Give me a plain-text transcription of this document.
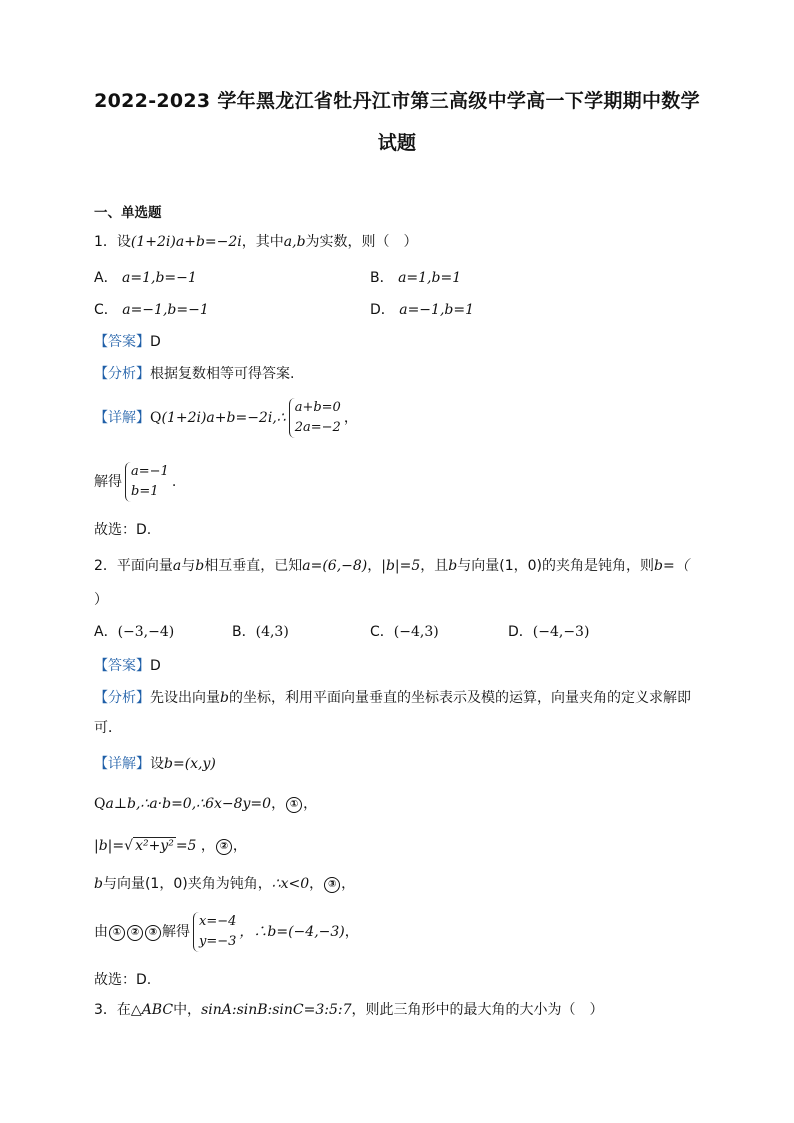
2022-2023 学年黑龙江省牡丹江市第三高级中学高一下学期期中数学
试题
一、单选题
1．设(1+2i)a+b=−2i，其中a,b为实数，则（　）
A． a=1,b=−1	B． a=1,b=1
C． a=−1,b=−1	D． a=−1,b=1
【答案】D
【分析】根据复数相等可得答案.
【详解】Q(1+2i)a+b=−2i,∴
a+b=0
2a=−2
，
解得
a=−1
b=1
.
故选：D.
2．平面向量a与b相互垂直，已知a=(6,−8)，|b|=5，且b与向量(1，0)的夹角是钝角，则b=（
）
A．(−3,−4)	B．(4,3)	C．(−4,3)	D．(−4,−3)
【答案】D
【分析】先设出向量b的坐标，利用平面向量垂直的坐标表示及模的运算，向量夹角的定义求解即
可．
【详解】设b=(x,y)
Qa⊥b,∴a·b=0,∴6x−8y=0， ① ，
|b|=√ x²+y² =5 ， ② ，
b与向量(1，0)夹角为钝角，∴x<0， ③ ，
由 ① ② ③ 解得
x=−4
y=−3
，∴b=(−4,−3)，
故选：D.
3．在△ABC中，sinA:sinB:sinC=3:5:7，则此三角形中的最大角的大小为（　）
